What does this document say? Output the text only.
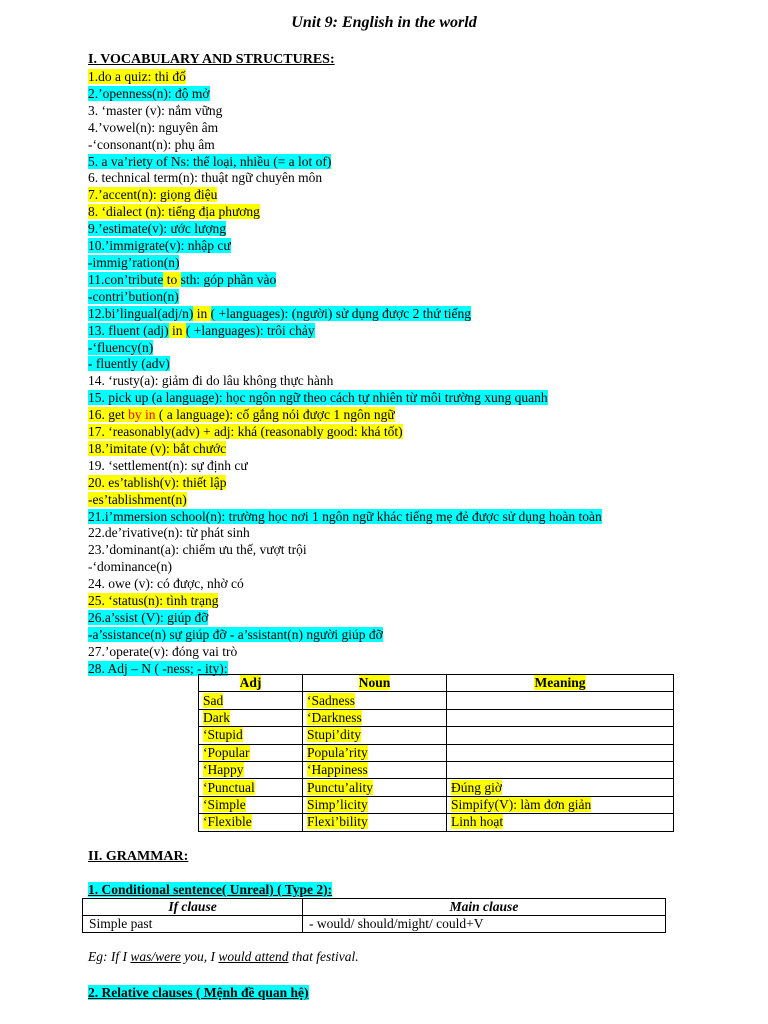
Unit 9: English in the world
I. VOCABULARY AND STRUCTURES:
1.do a quiz: thi đố
2.’openness(n): độ mở
3. ‘master (v): nắm vững
4.’vowel(n): nguyên âm
-‘consonant(n): phụ âm
5. a va’riety of Ns: thể loại, nhiều (= a lot of)
6. technical term(n): thuật ngữ chuyên môn
7.’accent(n): giọng điệu
8. ‘dialect (n): tiếng địa phương
9.’estimate(v): ước lượng
10.’immigrate(v): nhập cư
-immig’ration(n)
11.con’tribute to sth: góp phần vào
-contri’bution(n)
12.bi’lingual(adj/n) in ( +languages): (người) sử dụng được 2 thứ tiếng
13. fluent (adj) in ( +languages): trôi chảy
-‘fluency(n)
- fluently (adv)
14. ‘rusty(a): giảm đi do lâu không thực hành
15. pick up (a language): học ngôn ngữ theo cách tự nhiên từ môi trường xung quanh
16. get by in ( a language): cố gắng nói được 1 ngôn ngữ
17. ‘reasonably(adv) + adj: khá (reasonably good: khá tốt)
18.’imitate (v): bắt chước
19. ‘settlement(n): sự định cư
20. es’tablish(v): thiết lập
-es’tablishment(n)
21.i’mmersion school(n): trường học nơi 1 ngôn ngữ khác tiếng mẹ đẻ được sử dụng hoàn toàn
22.de’rivative(n): từ phát sinh
23.’dominant(a): chiếm ưu thế, vượt trội
-‘dominance(n)
24. owe (v): có được, nhờ có
25. ‘status(n): tình trạng
26.a’ssist (V): giúp đỡ
-a’ssistance(n) sự giúp đỡ - a’ssistant(n) người giúp đỡ
27.’operate(v): đóng vai trò
28. Adj – N ( -ness; - ity):
Adj	Noun	Meaning
Sad	‘Sadness	
Dark	‘Darkness	
‘Stupid	Stupi’dity	
‘Popular	Popula’rity	
‘Happy	‘Happiness	
‘Punctual	Punctu’ality	Đúng giờ
‘Simple	Simp’licity	Simpify(V): làm đơn giản
‘Flexible	Flexi’bility	Linh hoạt
II. GRAMMAR:
1. Conditional sentence( Unreal) ( Type 2):
If clause	Main clause
Simple past	- would/ should/might/ could+V
Eg: If I was/were you, I would attend that festival.
2. Relative clauses ( Mệnh đề quan hệ)
